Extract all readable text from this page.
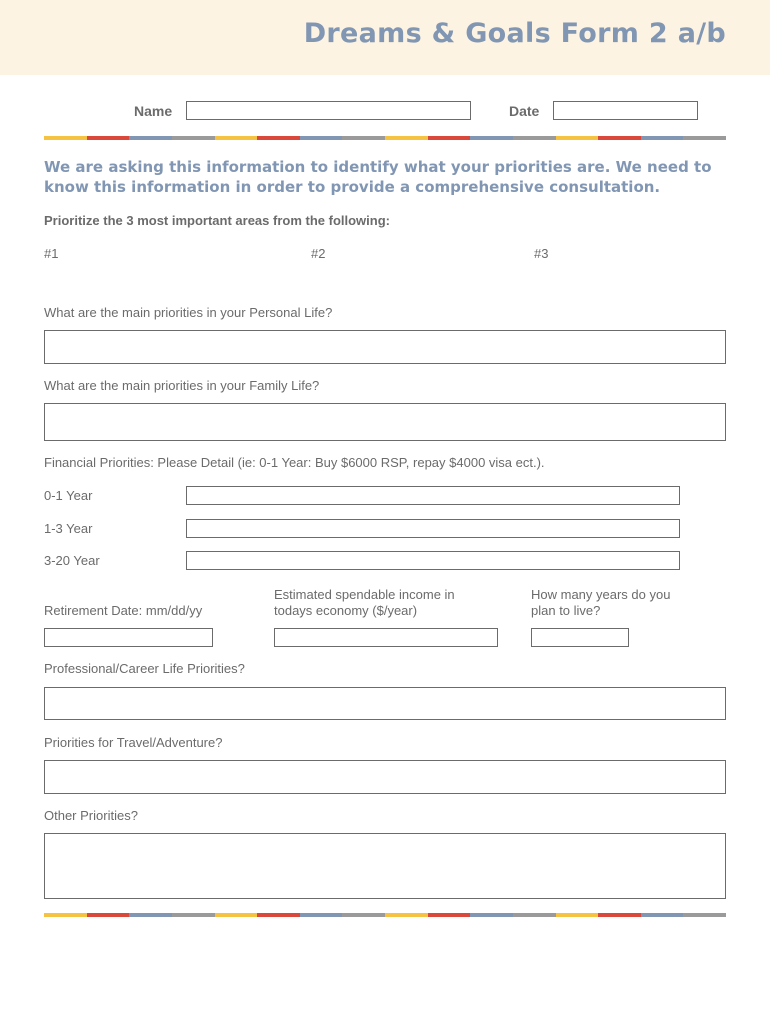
Dreams & Goals Form 2 a/b
Name	Date
We are asking this information to identify what your priorities are. We need to know this information in order to provide a comprehensive consultation.
Prioritize the 3 most important areas from the following:
#1	#2	#3
What are the main priorities in your Personal Life?
What are the main priorities in your Family Life?
Financial Priorities: Please Detail (ie: 0-1 Year: Buy $6000 RSP, repay $4000 visa ect.).
0-1 Year
1-3 Year
3-20 Year
Retirement Date: mm/dd/yy
Estimated spendable income in
todays economy ($/year)
How many years do you
plan to live?
Professional/Career Life Priorities?
Priorities for Travel/Adventure?
Other Priorities?
